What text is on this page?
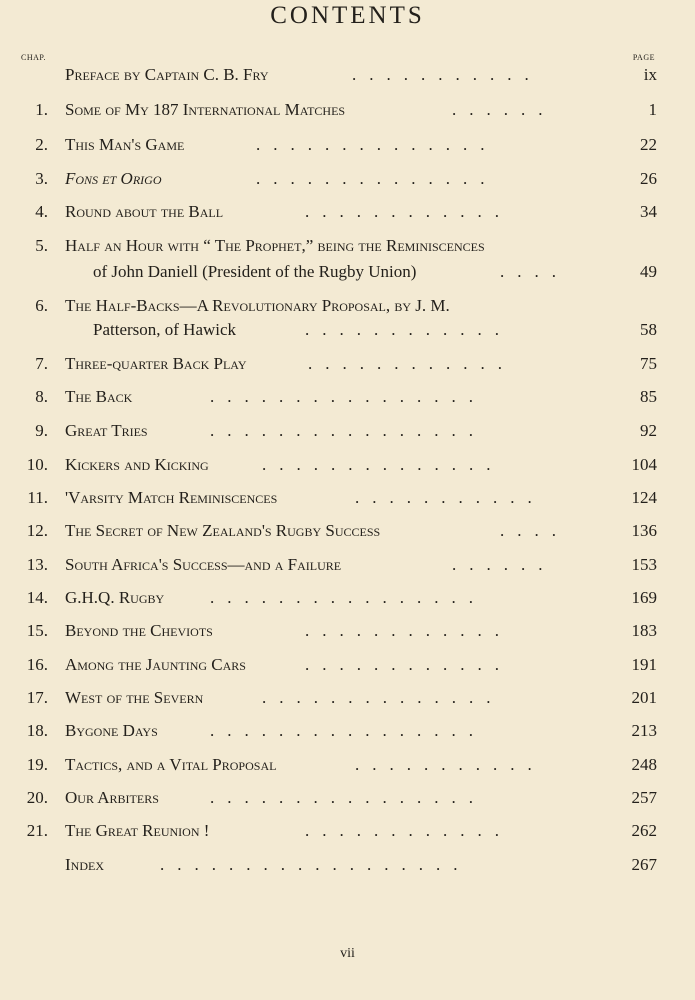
CONTENTS
CHAP.	PAGE
Preface by Captain C. B. Fry	...........	ix
1. Some of My 187 International Matches	......	1
2. This Man's Game	..............	22
3. Fons et Origo	..............	26
4. Round about the Ball	............	34
5. Half an Hour with “ The Prophet,” being the Reminiscences
of John Daniell (President of the Rugby Union)	....	49
6. The Half-Backs—A Revolutionary Proposal, by J. M.
Patterson, of Hawick	............	58
7. Three-quarter Back Play	............	75
8. The Back	................	85
9. Great Tries	................	92
10. Kickers and Kicking	..............	104
11. 'Varsity Match Reminiscences	...........	124
12. The Secret of New Zealand's Rugby Success	....	136
13. South Africa's Success—and a Failure	......	153
14. G.H.Q. Rugby	................	169
15. Beyond the Cheviots	............	183
16. Among the Jaunting Cars	............	191
17. West of the Severn	..............	201
18. Bygone Days	................	213
19. Tactics, and a Vital Proposal	...........	248
20. Our Arbiters	................	257
21. The Great Reunion !	............	262
Index	..................	267
vii
